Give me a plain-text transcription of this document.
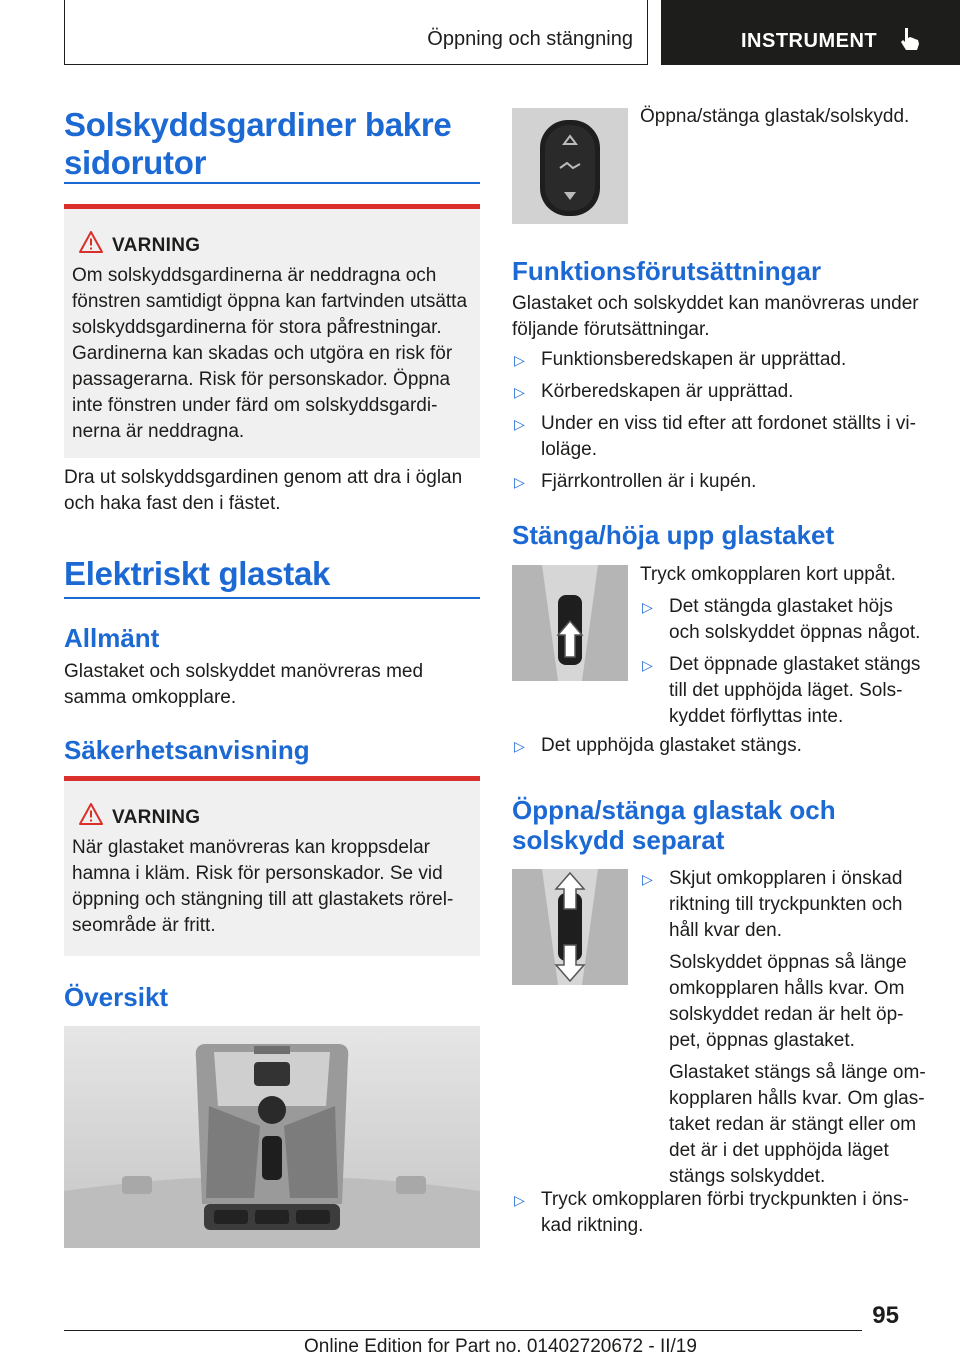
Öppning och stängning	INSTRUMENT
Solskyddsgardiner bakre sidorutor
VARNING

Om solskyddsgardinerna är neddragna och fönstren samtidigt öppna kan fartvinden utsätta solskyddsgardinerna för stora påfrestningar. Gardinerna kan skadas och utgöra en risk för passagerarna. Risk för personskador. Öppna inte fönstren under färd om solskyddsgardinerna är neddragna.

Dra ut solskyddsgardinen genom att dra i öglan och haka fast den i fästet.

Elektriskt glastak
Allmänt

Glastaket och solskyddet manövreras med samma omkopplare.

Säkerhetsanvisning
VARNING

När glastaket manövreras kan kroppsdelar hamna i kläm. Risk för personskador. Se vid öppning och stängning till att glastakets rörelseområde är fritt.

Översikt

Öppna/stänga glastak/solskydd.

Funktionsförutsättningar

Glastaket och solskyddet kan manövreras under följande förutsättningar.

▷ Funktionsberedskapen är upprättad.
▷ Körberedskapen är upprättad.
▷ Under en viss tid efter att fordonet ställts i viloläge.
▷ Fjärrkontrollen är i kupén.
Stänga/höja upp glastaket

Tryck omkopplaren kort uppåt.

▷ Det stängda glastaket höjs och solskyddet öppnas något.
▷ Det öppnade glastaket stängs till det upphöjda läget. Solskyddet förflyttas inte.
▷ Det upphöjda glastaket stängs.
Öppna/stänga glastak och solskydd separat
▷ Skjut omkopplaren i önskad riktning till tryckpunkten och håll kvar den.

Solskyddet öppnas så länge omkopplaren hålls kvar. Om solskyddet redan är helt öppet, öppnas glastaket.

Glastaket stängs så länge omkopplaren hålls kvar. Om glastaket redan är stängt eller om det är i det upphöjda läget stängs solskyddet.

▷ Tryck omkopplaren förbi tryckpunkten i önskad riktning.
95
Online Edition for Part no. 01402720672 - II/19
